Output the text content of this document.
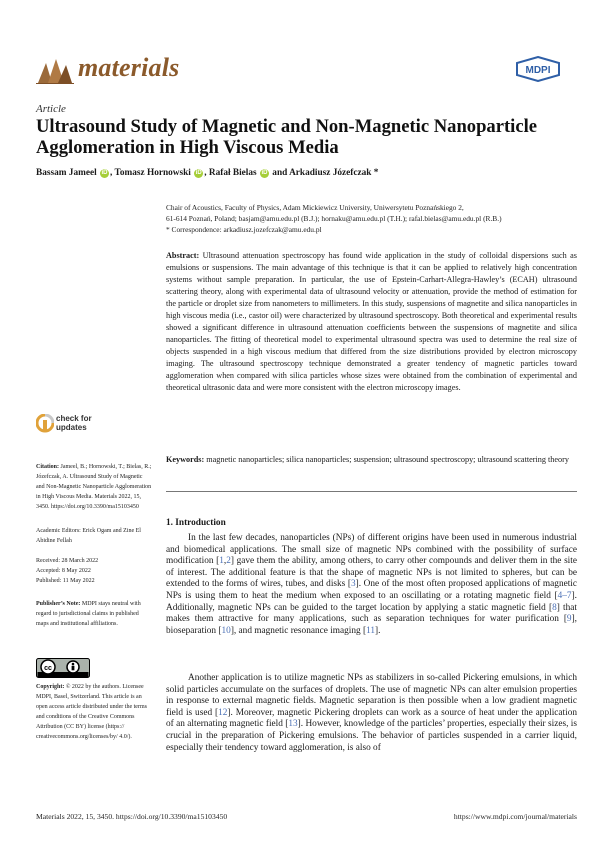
materials	MDPI
Article
Ultrasound Study of Magnetic and Non-Magnetic Nanoparticle Agglomeration in High Viscous Media
Bassam Jameel iD , Tomasz Hornowski iD , Rafał Bielas iD and Arkadiusz Józefczak *
Chair of Acoustics, Faculty of Physics, Adam Mickiewicz University, Uniwersytetu Poznańskiego 2,
61-614 Poznań, Poland; basjam@amu.edu.pl (B.J.); hornaku@amu.edu.pl (T.H.); rafal.bielas@amu.edu.pl (R.B.)
* Correspondence: arkadiusz.jozefczak@amu.edu.pl
Abstract: Ultrasound attenuation spectroscopy has found wide application in the study of colloidal dispersions such as emulsions or suspensions. The main advantage of this technique is that it can be applied to relatively high concentration systems without sample preparation. In particular, the use of Epstein-Carhart-Allegra-Hawley’s (ECAH) ultrasound scattering theory, along with experimental data of ultrasound velocity or attenuation, provide the method of estimation for the particle or droplet size from nanometers to millimeters. In this study, suspensions of magnetite and silica nanoparticles in high viscous media (i.e., castor oil) were characterized by ultrasound spectroscopy. Both theoretical and experimental results showed a significant difference in ultrasound attenuation coefficients between the suspensions of magnetite and silica nanoparticles. The fitting of theoretical model to experimental ultrasound spectra was used to determine the real size of objects suspended in a high viscous medium that differed from the size distributions provided by electron microscopy imaging. The ultrasound spectroscopy technique demonstrated a greater tendency of magnetic particles toward agglomeration when compared with silica particles whose sizes were obtained from the combination of experimental and theoretical ultrasonic data and were more consistent with the electron microscopy images.
Keywords: magnetic nanoparticles; silica nanoparticles; suspension; ultrasound spectroscopy; ultrasound scattering theory
check for updates
Citation: Jameel, B.; Hornowski, T.; Bielas, R.; Józefczak, A. Ultrasound Study of Magnetic and Non-Magnetic Nanoparticle Agglomeration in High Viscous Media. Materials 2022, 15, 3450. https://doi.org/10.3390/ma15103450
Academic Editors: Erick Ogam and Zine El Abidine Fellah
Received: 28 March 2022
Accepted: 8 May 2022
Published: 11 May 2022
Publisher’s Note: MDPI stays neutral with regard to jurisdictional claims in published maps and institutional affiliations.
cc
Copyright: © 2022 by the authors. Licensee MDPI, Basel, Switzerland. This article is an open access article distributed under the terms and conditions of the Creative Commons Attribution (CC BY) license (https:// creativecommons.org/licenses/by/ 4.0/).
1. Introduction

In the last few decades, nanoparticles (NPs) of different origins have been used in numerous industrial and biomedical applications. The small size of magnetic NPs combined with the possibility of surface modification [1,2] gave them the ability, among others, to carry other compounds and deliver them in the site of interest. The additional feature is that the shape of magnetic NPs is not limited to spheres, but can be extended to the forms of wires, tubes, and disks [3]. One of the most often proposed applications of magnetic NPs is using them to heat the medium when exposed to an oscillating or a rotating magnetic field [4–7]. Additionally, magnetic NPs can be guided to the target location by applying a static magnetic field [8] that makes them attractive for many applications, such as separation techniques for water purification [9], bioseparation [10], and magnetic resonance imaging [11].

Another application is to utilize magnetic NPs as stabilizers in so-called Pickering emulsions, in which solid particles accumulate on the surfaces of droplets. The use of magnetic NPs can alter emulsion properties in response to external magnetic fields. Magnetic separation is then possible when a low gradient magnetic field is used [12]. Moreover, magnetic Pickering droplets can work as a source of heat under the application of an alternating magnetic field [13]. However, knowledge of the particles’ properties, especially their sizes, is crucial in the preparation of Pickering emulsions. The behavior of particles suspended in a carrier liquid, especially their tendency toward agglomeration, is also of

Materials 2022, 15, 3450. https://doi.org/10.3390/ma15103450	https://www.mdpi.com/journal/materials
